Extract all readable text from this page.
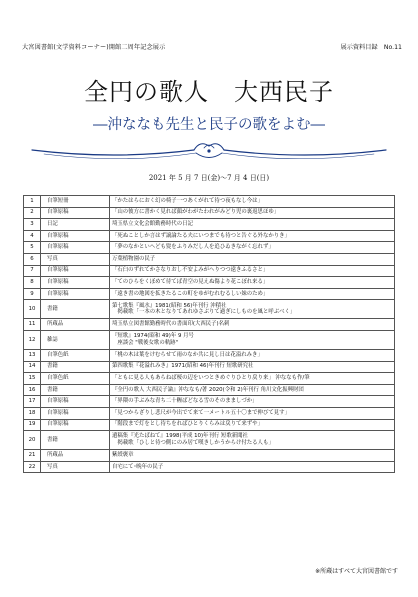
大宮図書館(文学資料コーナー)開館二周年記念展示	展示資料目録　No.11
全円の歌人　大西民子
―沖ななも先生と民子の歌をよむ―
2021 年 5 月 7 日(金)～7 月 4 日(日)
1	自筆短冊	「かたはらにおく幻の椅子一つあくがれて待つ夜もなし今は」

2	自筆原稿	「山の彼方に書かく見れば顔がわがたわれがみどり児の裏返思ほゆ」

3	日記	埼玉県立文化会館勤務時代の日記

4	自筆原稿	「死ぬことしか言はず譲論たる夫にいつまでも待つと告ぐる外なかりき」

5	自筆原稿	「夢のなかといへども髪をふりみだし人を追ひゐきながく忘れず」

6	写真	万葉植物園の民子

7	自筆原稿	「石臼のずれてかさなりおし不安よみがへりつつ遠きふるさと」

8	自筆原稿	「てのひらをくぼめて待てば青空の見えぬ傷より花こぼれ来る」

9	自筆原稿	「遠き書の地図を拡きたるこの町をゆがむれむるしい妹のため」

10	書籍	第七歌集『風水』1981(昭和 56)年刊行 沖積社
　掲載歌「一本の木となりてあれゆさぶりて過ぎにしものを風と呼ぶべく」

11	所蔵品	埼玉県立図書館勤務時代の書面印(大西民子)名刺

12	雑誌	『短歌』1974(昭和 49)年 9 月号
　座談会 "戦後女歌の軌跡"

13	自筆色紙	「桃の木は葉をけむらせて雨のなか共に見し日は花溢れみき」

14	書籍	第四歌集『花溢れみき』1971(昭和 46)年刊行 短歌研究社

15	自筆色紙	「ともに見る人もあらねば桜の辺をいつときめぐりひとり戻り来」 沖ななも作/筆

16	書籍	『全円の歌人 大西民子論』沖ななも/著 2020(令和 2)年刊行 角川文化振興財団

17	自筆原稿	「界隈の手ぶみな青ち二十糎ばどなる雪のそのまましづか」

18	自筆原稿	「見つからざりし悲尺が今出でて来て一メートル五十〇まで伸びて見す」

19	自筆原稿	「階段まで灯をとし待ちをればひとりくらみは戻りて来ずや」

20	書籍	遺稿集『光たばねて』1998(平成 10)年刊行 短歌新聞社
　掲載歌「ひしと待つ側にのみ居て嘆きしかうからけ付たる人も」

21	所蔵品	紫綬褒章

22	写真	自宅にて･晩年の民子
※所蔵はすべて大宮図書館です
